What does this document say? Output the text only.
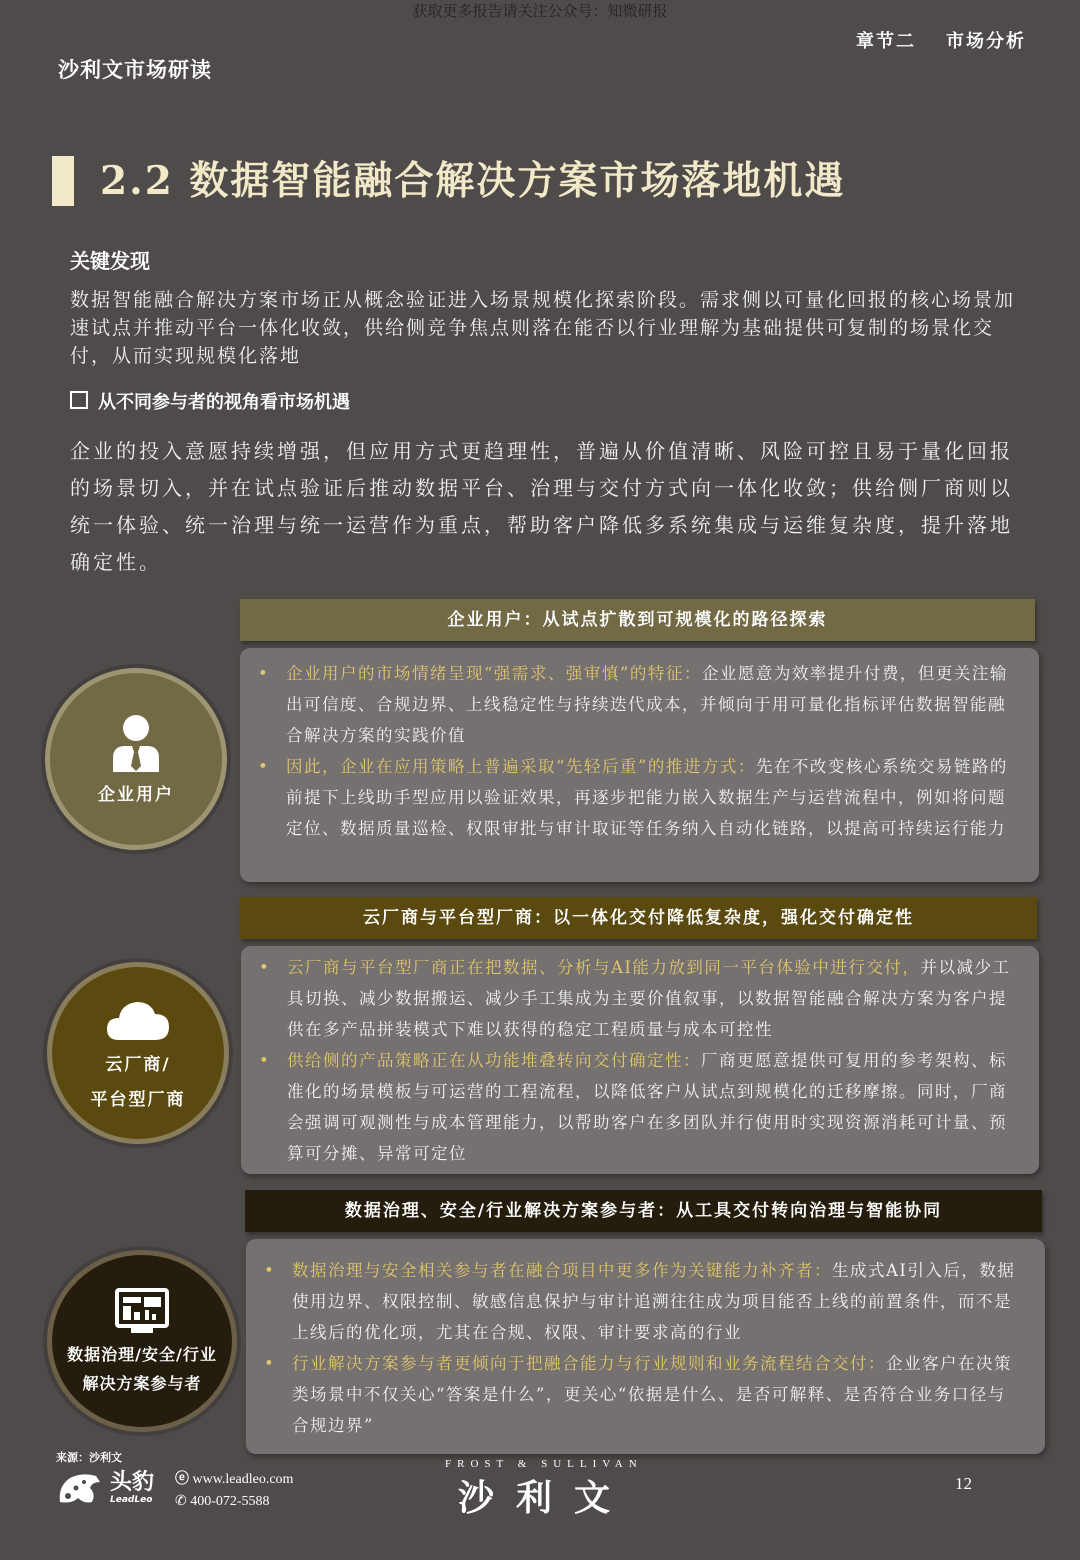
获取更多报告请关注公众号：知微研报
沙利文市场研读
章节二 市场分析
2.2 数据智能融合解决方案市场落地机遇
关键发现
数据智能融合解决方案市场正从概念验证进入场景规模化探索阶段。需求侧以可量化回报的核心场景加速试点并推动平台一体化收敛，供给侧竞争焦点则落在能否以行业理解为基础提供可复制的场景化交付，从而实现规模化落地
从不同参与者的视角看市场机遇
企业的投入意愿持续增强，但应用方式更趋理性，普遍从价值清晰、风险可控且易于量化回报的场景切入，并在试点验证后推动数据平台、治理与交付方式向一体化收敛；供给侧厂商则以统一体验、统一治理与统一运营作为重点，帮助客户降低多系统集成与运维复杂度，提升落地确定性。
企业用户：从试点扩散到可规模化的路径探索
企业用户
• 企业用户的市场情绪呈现“强需求、强审慎”的特征：企业愿意为效率提升付费，但更关注输出可信度、合规边界、上线稳定性与持续迭代成本，并倾向于用可量化指标评估数据智能融合解决方案的实践价值
• 因此，企业在应用策略上普遍采取“先轻后重”的推进方式：先在不改变核心系统交易链路的前提下上线助手型应用以验证效果，再逐步把能力嵌入数据生产与运营流程中，例如将问题定位、数据质量巡检、权限审批与审计取证等任务纳入自动化链路，以提高可持续运行能力
云厂商与平台型厂商：以一体化交付降低复杂度，强化交付确定性
云厂商/
平台型厂商
• 云厂商与平台型厂商正在把数据、分析与AI能力放到同一平台体验中进行交付，并以减少工具切换、减少数据搬运、减少手工集成为主要价值叙事，以数据智能融合解决方案为客户提供在多产品拼装模式下难以获得的稳定工程质量与成本可控性
• 供给侧的产品策略正在从功能堆叠转向交付确定性：厂商更愿意提供可复用的参考架构、标准化的场景模板与可运营的工程流程，以降低客户从试点到规模化的迁移摩擦。同时，厂商会强调可观测性与成本管理能力，以帮助客户在多团队并行使用时实现资源消耗可计量、预算可分摊、异常可定位
数据治理、安全/行业解决方案参与者：从工具交付转向治理与智能协同
数据治理/安全/行业
解决方案参与者
• 数据治理与安全相关参与者在融合项目中更多作为关键能力补齐者：生成式AI引入后，数据使用边界、权限控制、敏感信息保护与审计追溯往往成为项目能否上线的前置条件，而不是上线后的优化项，尤其在合规、权限、审计要求高的行业
• 行业解决方案参与者更倾向于把融合能力与行业规则和业务流程结合交付：企业客户在决策类场景中不仅关心“答案是什么”，更关心“依据是什么、是否可解释、是否符合业务口径与合规边界”
来源：沙利文
头豹
LeadLeo
ⓔ www.leadleo.com
✆ 400-072-5588
FROST & SULLIVAN
沙利文	12
